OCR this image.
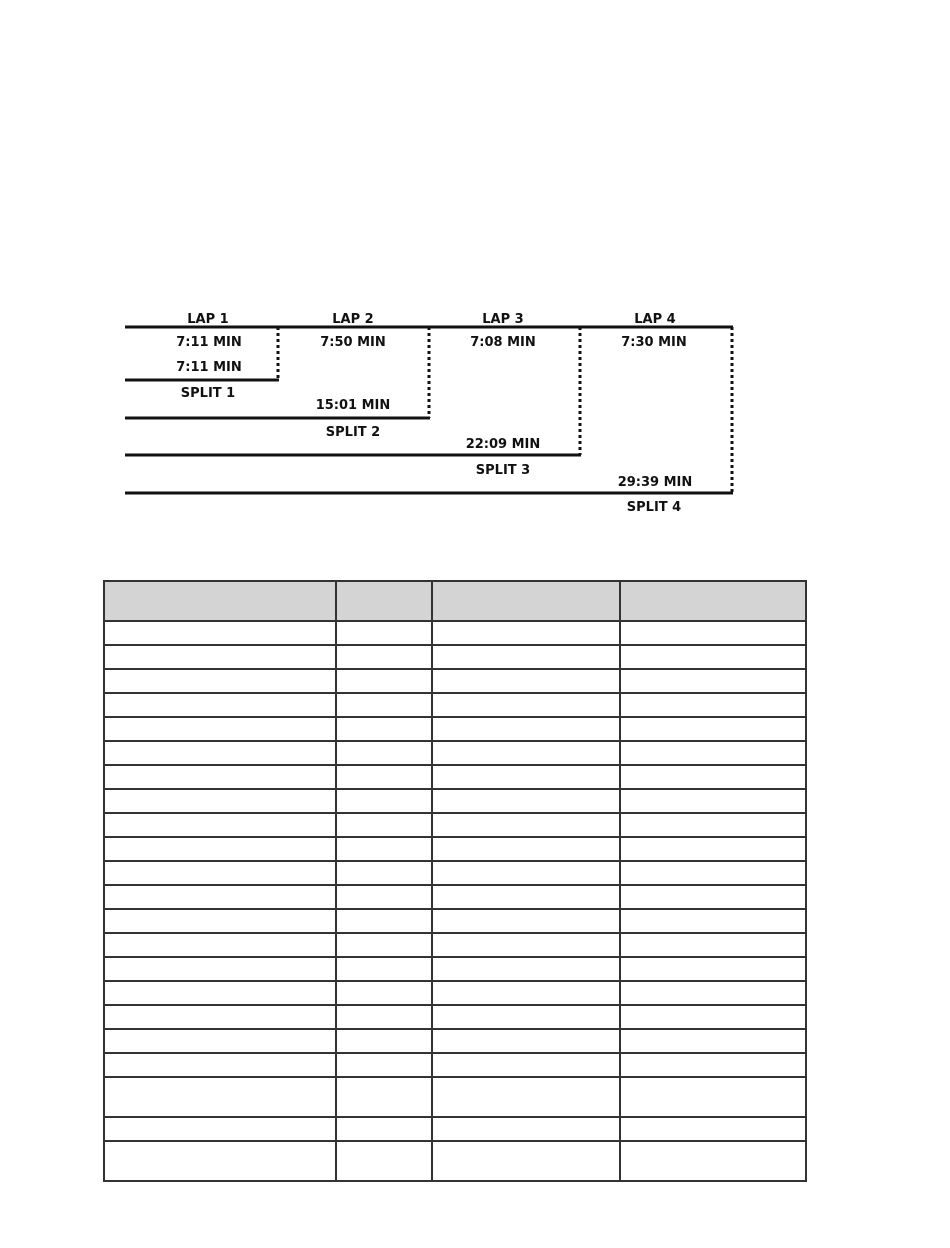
LAP 1	LAP 2	LAP 3	LAP 4
7:11 MIN	7:50 MIN	7:08 MIN	7:30 MIN
7:11 MIN
15:01 MIN
22:09 MIN
29:39 MIN
SPLIT 1
SPLIT 2
SPLIT 3
SPLIT 4
